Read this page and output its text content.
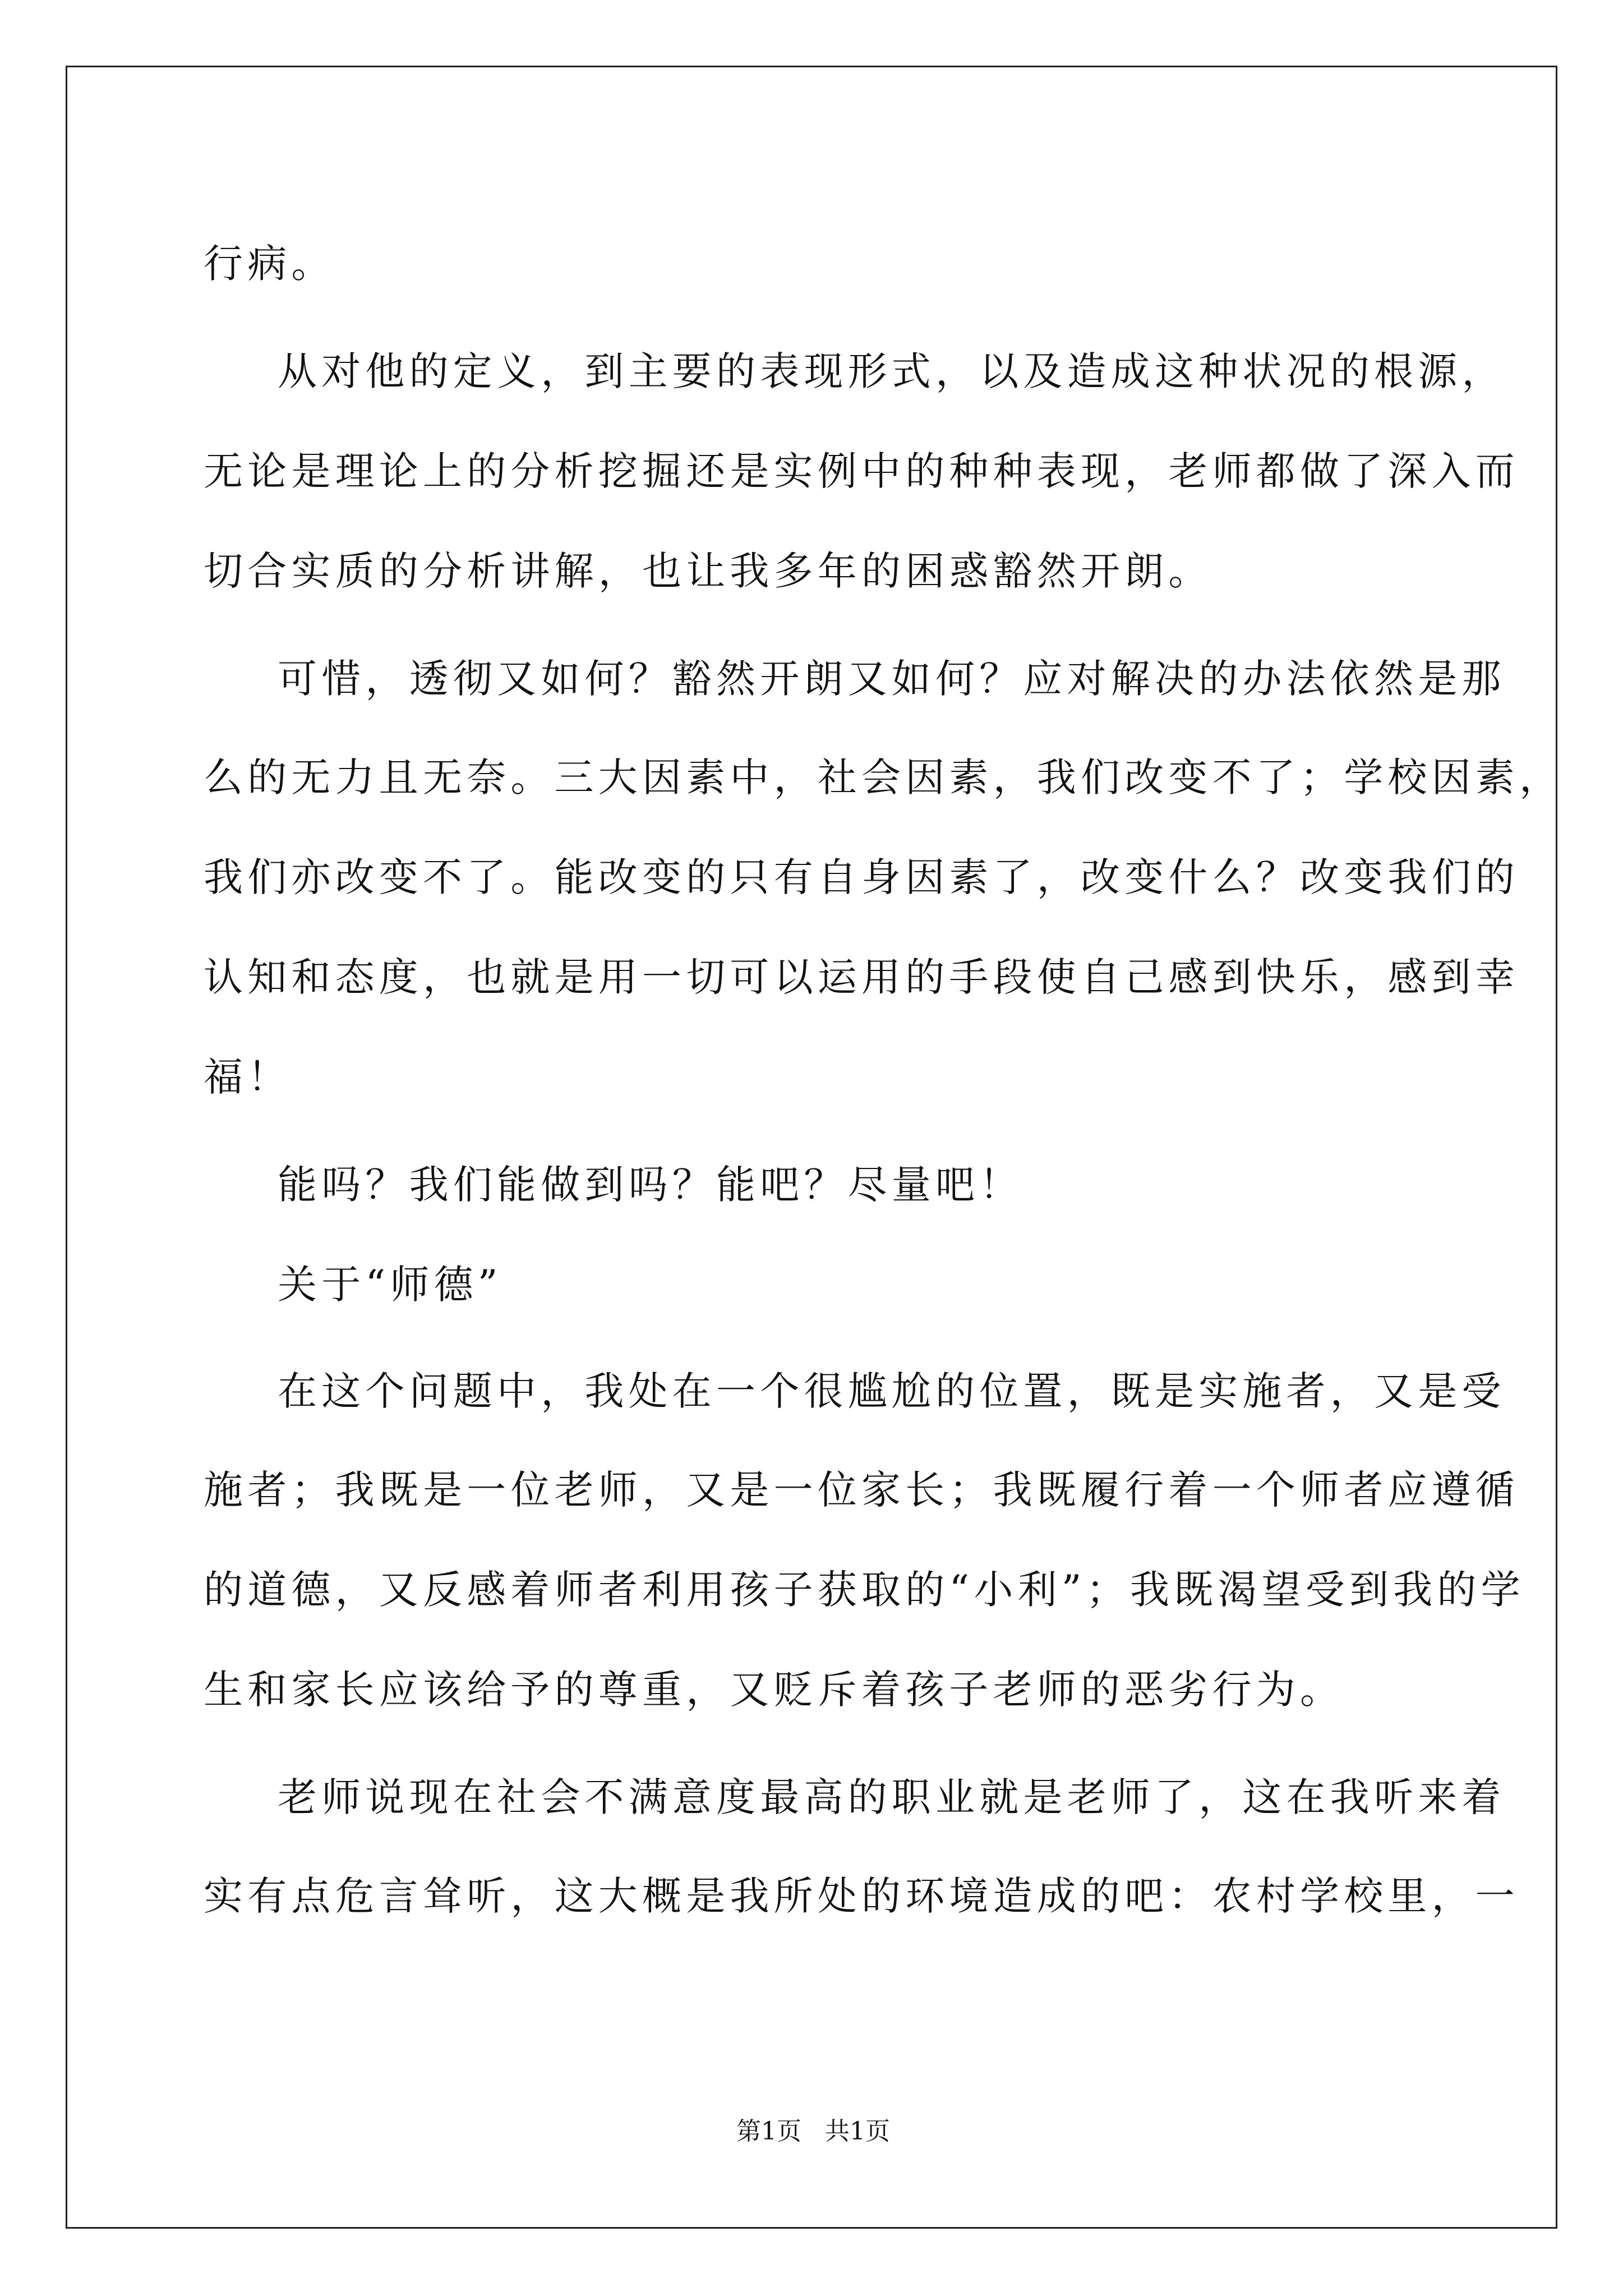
行病。

从对他的定义，到主要的表现形式，以及造成这种状况的根源，

无论是理论上的分析挖掘还是实例中的种种表现，老师都做了深入而

切合实质的分析讲解，也让我多年的困惑豁然开朗。

可惜，透彻又如何？豁然开朗又如何？应对解决的办法依然是那

么的无力且无奈。三大因素中，社会因素，我们改变不了；学校因素，

我们亦改变不了。能改变的只有自身因素了，改变什么？改变我们的

认知和态度，也就是用一切可以运用的手段使自己感到快乐，感到幸

福！

能吗？我们能做到吗？能吧？尽量吧！

关于“师德”

在这个问题中，我处在一个很尴尬的位置，既是实施者，又是受

施者；我既是一位老师，又是一位家长；我既履行着一个师者应遵循

的道德，又反感着师者利用孩子获取的“小利”；我既渴望受到我的学

生和家长应该给予的尊重，又贬斥着孩子老师的恶劣行为。

老师说现在社会不满意度最高的职业就是老师了，这在我听来着

实有点危言耸听，这大概是我所处的环境造成的吧：农村学校里，一

第1页   共1页
